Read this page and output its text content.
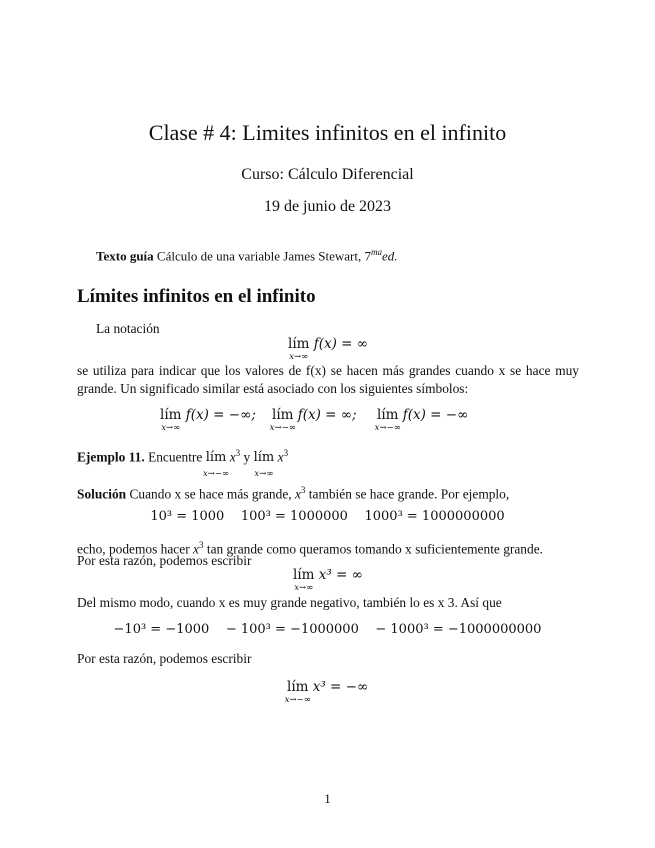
Clase # 4: Limites infinitos en el infinito
Curso: Cálculo Diferencial
19 de junio de 2023
Texto guía Cálculo de una variable James Stewart, $7^{ma}ed$.
Límites infinitos en el infinito
La notación
lím
x→∞
f(x) = ∞
se utiliza para indicar que los valores de f(x) se hacen más grandes cuando x se hace muy grande. Un significado similar está asociado con los siguientes símbolos:
lím
x→∞
f(x) = −∞; lím
x→−∞
f(x) = ∞; lím
x→−∞
f(x) = −∞
Ejemplo 11. Encuentre lím
x→−∞
$x^3$ y lím
x→∞
$x^3$
Solución Cuando x se hace más grande, $x^3$ también se hace grande. Por ejemplo,
10³ = 1000 100³ = 1000000 1000³ = 1000000000
echo, podemos hacer $x^3$ tan grande como queramos tomando x suficientemente grande.
Por esta razón, podemos escribir
lím
x→∞
x³ = ∞
Del mismo modo, cuando x es muy grande negativo, también lo es x 3. Así que
−10³ = −1000 − 100³ = −1000000 − 1000³ = −1000000000
Por esta razón, podemos escribir
lím
x→−∞
x³ = −∞
1
